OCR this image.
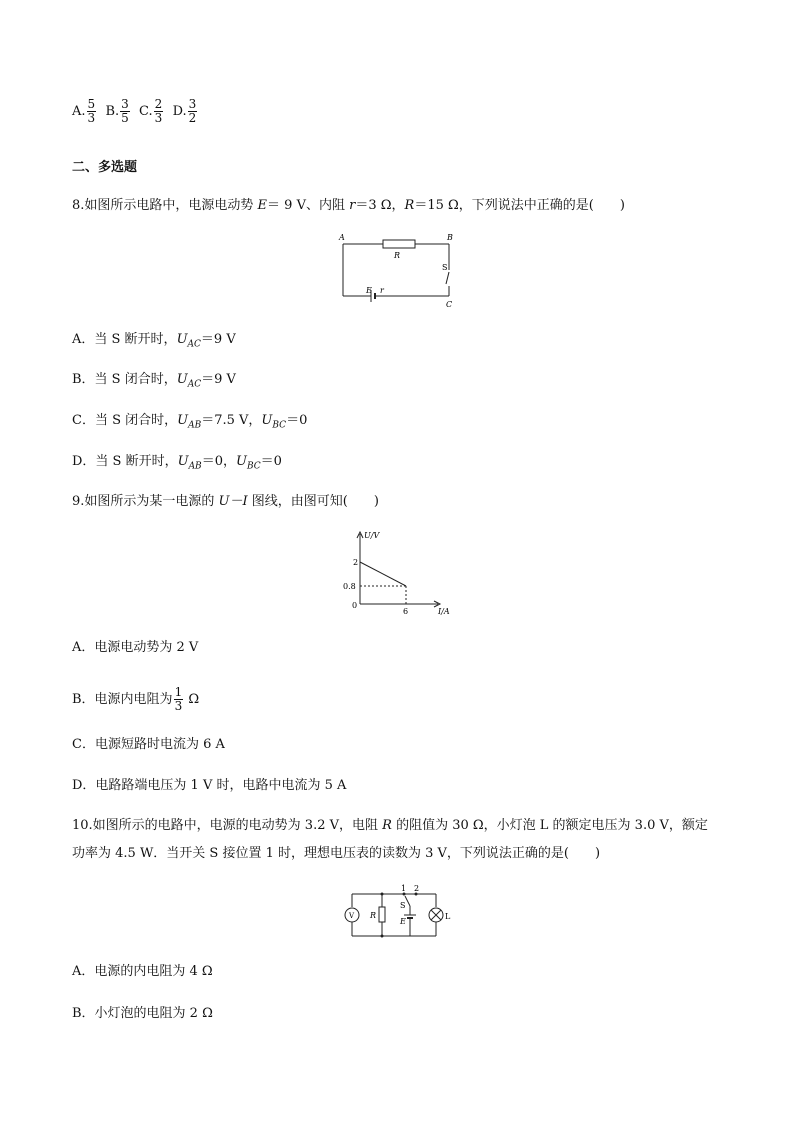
A. $\frac{5}{3} B$. $\frac{3}{5} C$. $\frac{2}{3} D$. $\frac{3}{2}$
二、多选题
8.如图所示电路中，电源电动势 E＝ 9 V、内阻 r＝3 Ω，R＝15 Ω，下列说法中正确的是(　　)
A	B
R
S
E r
C
A．当 S 断开时，$U_{AC}=9$ V
B．当 S 闭合时，$U_{AC}=9$ V
C．当 S 闭合时，$U_{AB}=7.5$ V，$U_{BC}=0$
D．当 S 断开时，$U_{AB}=0$，$U_{BC}=0$
9.如图所示为某一电源的 U－I 图线，由图可知(　　)
U/V
2
0.8
0
6	I/A
A．电源电动势为 2 V
B．电源内电阻为 $\frac{1}{3}$ Ω
C．电源短路时电流为 6 A
D．电路路端电压为 1 V 时，电路中电流为 5 A
10.如图所示的电路中，电源的电动势为 3.2 V，电阻 R 的阻值为 30 Ω，小灯泡 L 的额定电压为 3.0 V，额定
功率为 4.5 W．当开关 S 接位置 1 时，理想电压表的读数为 3 V，下列说法正确的是(　　)
1 2
V R
S
E
L
A．电源的内电阻为 4 Ω
B．小灯泡的电阻为 2 Ω
